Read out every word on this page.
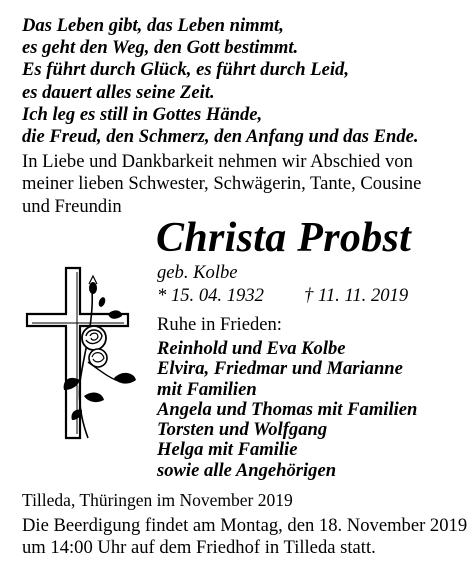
Das Leben gibt, das Leben nimmt,
es geht den Weg, den Gott bestimmt.
Es führt durch Glück, es führt durch Leid,
es dauert alles seine Zeit.
Ich leg es still in Gottes Hände,
die Freud, den Schmerz, den Anfang und das Ende.
In Liebe und Dankbarkeit nehmen wir Abschied von
meiner lieben Schwester, Schwägerin, Tante, Cousine
und Freundin
Christa Probst
geb. Kolbe
* 15. 04. 1932 † 11. 11. 2019
Ruhe in Frieden:
Reinhold und Eva Kolbe
Elvira, Friedmar und Marianne
mit Familien
Angela und Thomas mit Familien
Torsten und Wolfgang
Helga mit Familie
sowie alle Angehörigen
Tilleda, Thüringen im November 2019
Die Beerdigung findet am Montag, den 18. November 2019
um 14:00 Uhr auf dem Friedhof in Tilleda statt.
